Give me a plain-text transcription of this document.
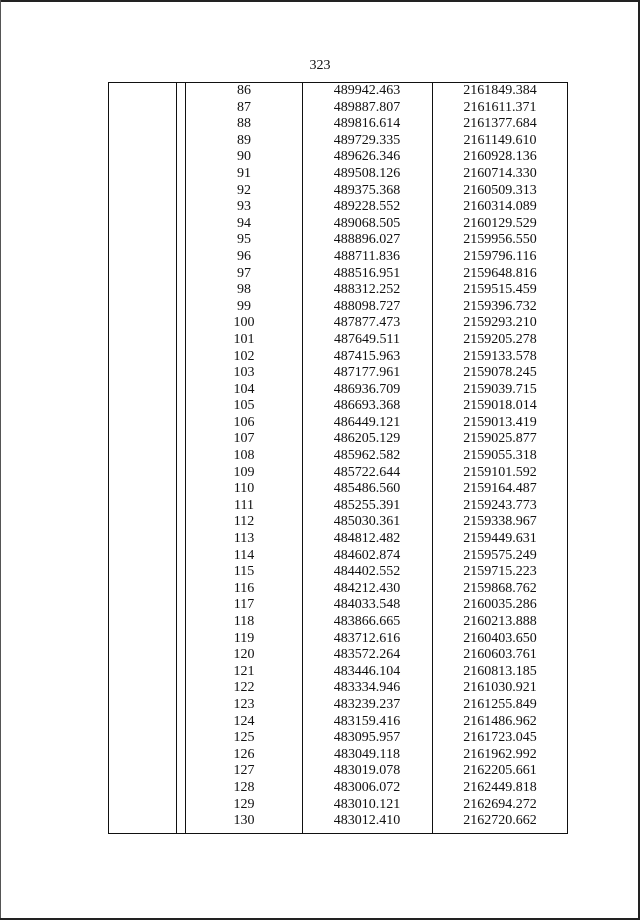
323
86	489942.463	2161849.384
87	489887.807	2161611.371
88	489816.614	2161377.684
89	489729.335	2161149.610
90	489626.346	2160928.136
91	489508.126	2160714.330
92	489375.368	2160509.313
93	489228.552	2160314.089
94	489068.505	2160129.529
95	488896.027	2159956.550
96	488711.836	2159796.116
97	488516.951	2159648.816
98	488312.252	2159515.459
99	488098.727	2159396.732
100	487877.473	2159293.210
101	487649.511	2159205.278
102	487415.963	2159133.578
103	487177.961	2159078.245
104	486936.709	2159039.715
105	486693.368	2159018.014
106	486449.121	2159013.419
107	486205.129	2159025.877
108	485962.582	2159055.318
109	485722.644	2159101.592
110	485486.560	2159164.487
111	485255.391	2159243.773
112	485030.361	2159338.967
113	484812.482	2159449.631
114	484602.874	2159575.249
115	484402.552	2159715.223
116	484212.430	2159868.762
117	484033.548	2160035.286
118	483866.665	2160213.888
119	483712.616	2160403.650
120	483572.264	2160603.761
121	483446.104	2160813.185
122	483334.946	2161030.921
123	483239.237	2161255.849
124	483159.416	2161486.962
125	483095.957	2161723.045
126	483049.118	2161962.992
127	483019.078	2162205.661
128	483006.072	2162449.818
129	483010.121	2162694.272
130	483012.410	2162720.662
